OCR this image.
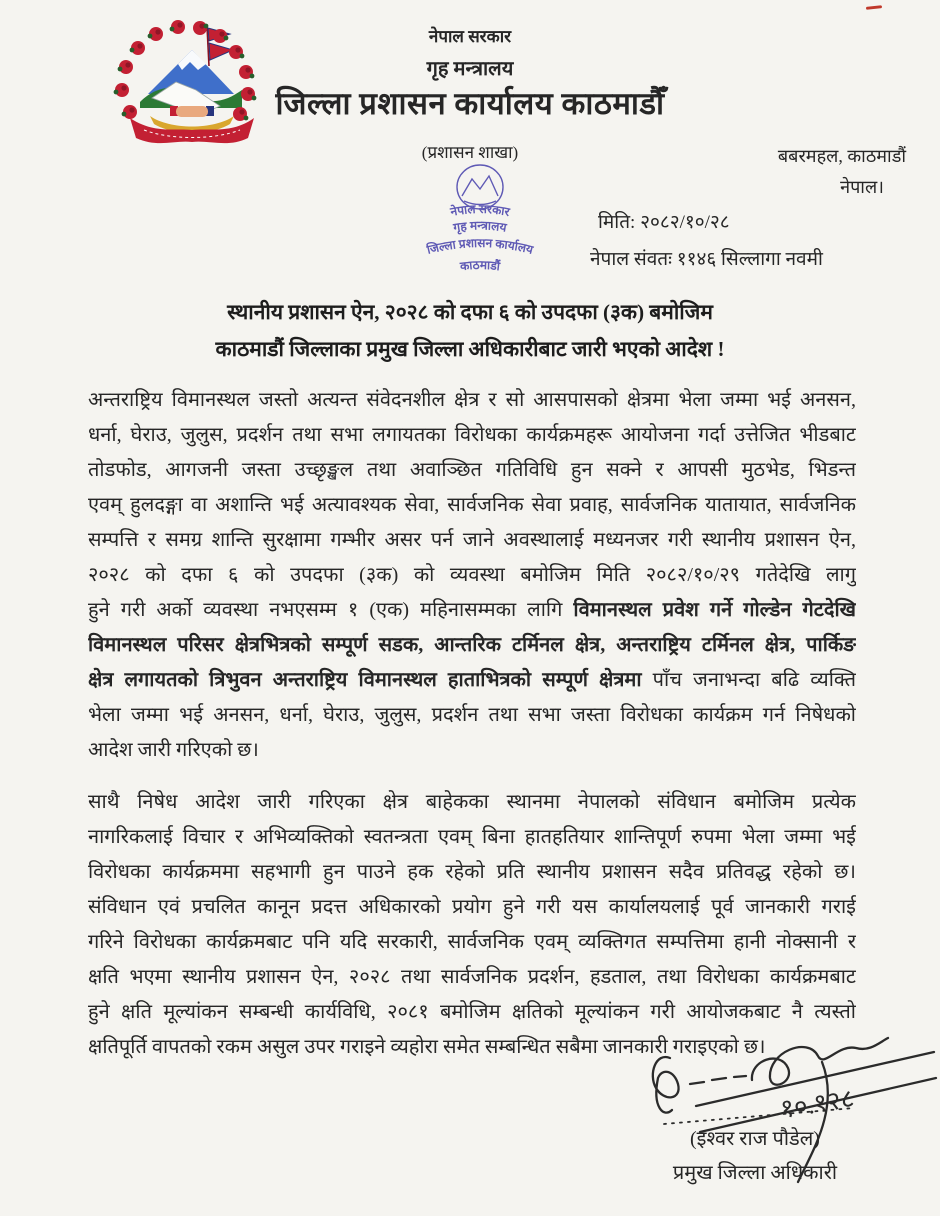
नेपाल सरकार
गृह मन्त्रालय
जिल्ला प्रशासन कार्यालय काठमाडौँ
(प्रशासन शाखा)	बबरमहल, काठमाडौं
नेपाल।
नेपाल सरकार
गृह मन्त्रालय
जिल्ला प्रशासन कार्यालय
काठमाडौं
मिति: २०८२/१०/२८
नेपाल संवतः ११४६ सिल्लागा नवमी
स्थानीय प्रशासन ऐन, २०२८ को दफा ६ को उपदफा (३क) बमोजिम
काठमाडौं जिल्लाका प्रमुख जिल्ला अधिकारीबाट जारी भएको आदेश !
अन्तराष्ट्रिय विमानस्थल जस्तो अत्यन्त संवेदनशील क्षेत्र र सो आसपासको क्षेत्रमा भेला जम्मा भई अनसन,
धर्ना, घेराउ, जुलुस, प्रदर्शन तथा सभा लगायतका विरोधका कार्यक्रमहरू आयोजना गर्दा उत्तेजित भीडबाट
तोडफोड, आगजनी जस्ता उच्छृङ्खल तथा अवाञ्छित गतिविधि हुन सक्ने र आपसी मुठभेड, भिडन्त
एवम् हुलदङ्गा वा अशान्ति भई अत्यावश्यक सेवा, सार्वजनिक सेवा प्रवाह, सार्वजनिक यातायात, सार्वजनिक
सम्पत्ति र समग्र शान्ति सुरक्षामा गम्भीर असर पर्न जाने अवस्थालाई मध्यनजर गरी स्थानीय प्रशासन ऐन,
२०२८ को दफा ६ को उपदफा (३क) को व्यवस्था बमोजिम मिति २०८२/१०/२९ गतेदेखि लागु
हुने गरी अर्को व्यवस्था नभएसम्म १ (एक) महिनासम्मका लागि विमानस्थल प्रवेश गर्ने गोल्डेन गेटदेखि
विमानस्थल परिसर क्षेत्रभित्रको सम्पूर्ण सडक, आन्तरिक टर्मिनल क्षेत्र, अन्तराष्ट्रिय टर्मिनल क्षेत्र, पार्किङ
क्षेत्र लगायतको त्रिभुवन अन्तराष्ट्रिय विमानस्थल हाताभित्रको सम्पूर्ण क्षेत्रमा पाँच जनाभन्दा बढि व्यक्ति
भेला जम्मा भई अनसन, धर्ना, घेराउ, जुलुस, प्रदर्शन तथा सभा जस्ता विरोधका कार्यक्रम गर्न निषेधको
आदेश जारी गरिएको छ।
साथै निषेध आदेश जारी गरिएका क्षेत्र बाहेकका स्थानमा नेपालको संविधान बमोजिम प्रत्येक
नागरिकलाई विचार र अभिव्यक्तिको स्वतन्त्रता एवम् बिना हातहतियार शान्तिपूर्ण रुपमा भेला जम्मा भई
विरोधका कार्यक्रममा सहभागी हुन पाउने हक रहेको प्रति स्थानीय प्रशासन सदैव प्रतिवद्ध रहेको छ।
संविधान एवं प्रचलित कानून प्रदत्त अधिकारको प्रयोग हुने गरी यस कार्यालयलाई पूर्व जानकारी गराई
गरिने विरोधका कार्यक्रमबाट पनि यदि सरकारी, सार्वजनिक एवम् व्यक्तिगत सम्पत्तिमा हानी नोक्सानी र
क्षति भएमा स्थानीय प्रशासन ऐन, २०२८ तथा सार्वजनिक प्रदर्शन, हडताल, तथा विरोधका कार्यक्रमबाट
हुने क्षति मूल्यांकन सम्बन्धी कार्यविधि, २०८१ बमोजिम क्षतिको मूल्यांकन गरी आयोजकबाट नै त्यस्तो
क्षतिपूर्ति वापतको रकम असुल उपर गराइने व्यहोरा समेत सम्बन्धित सबैमा जानकारी गराइएको छ।
१०.१२८
(इश्वर राज पौडेल)
प्रमुख जिल्ला अधिकारी
